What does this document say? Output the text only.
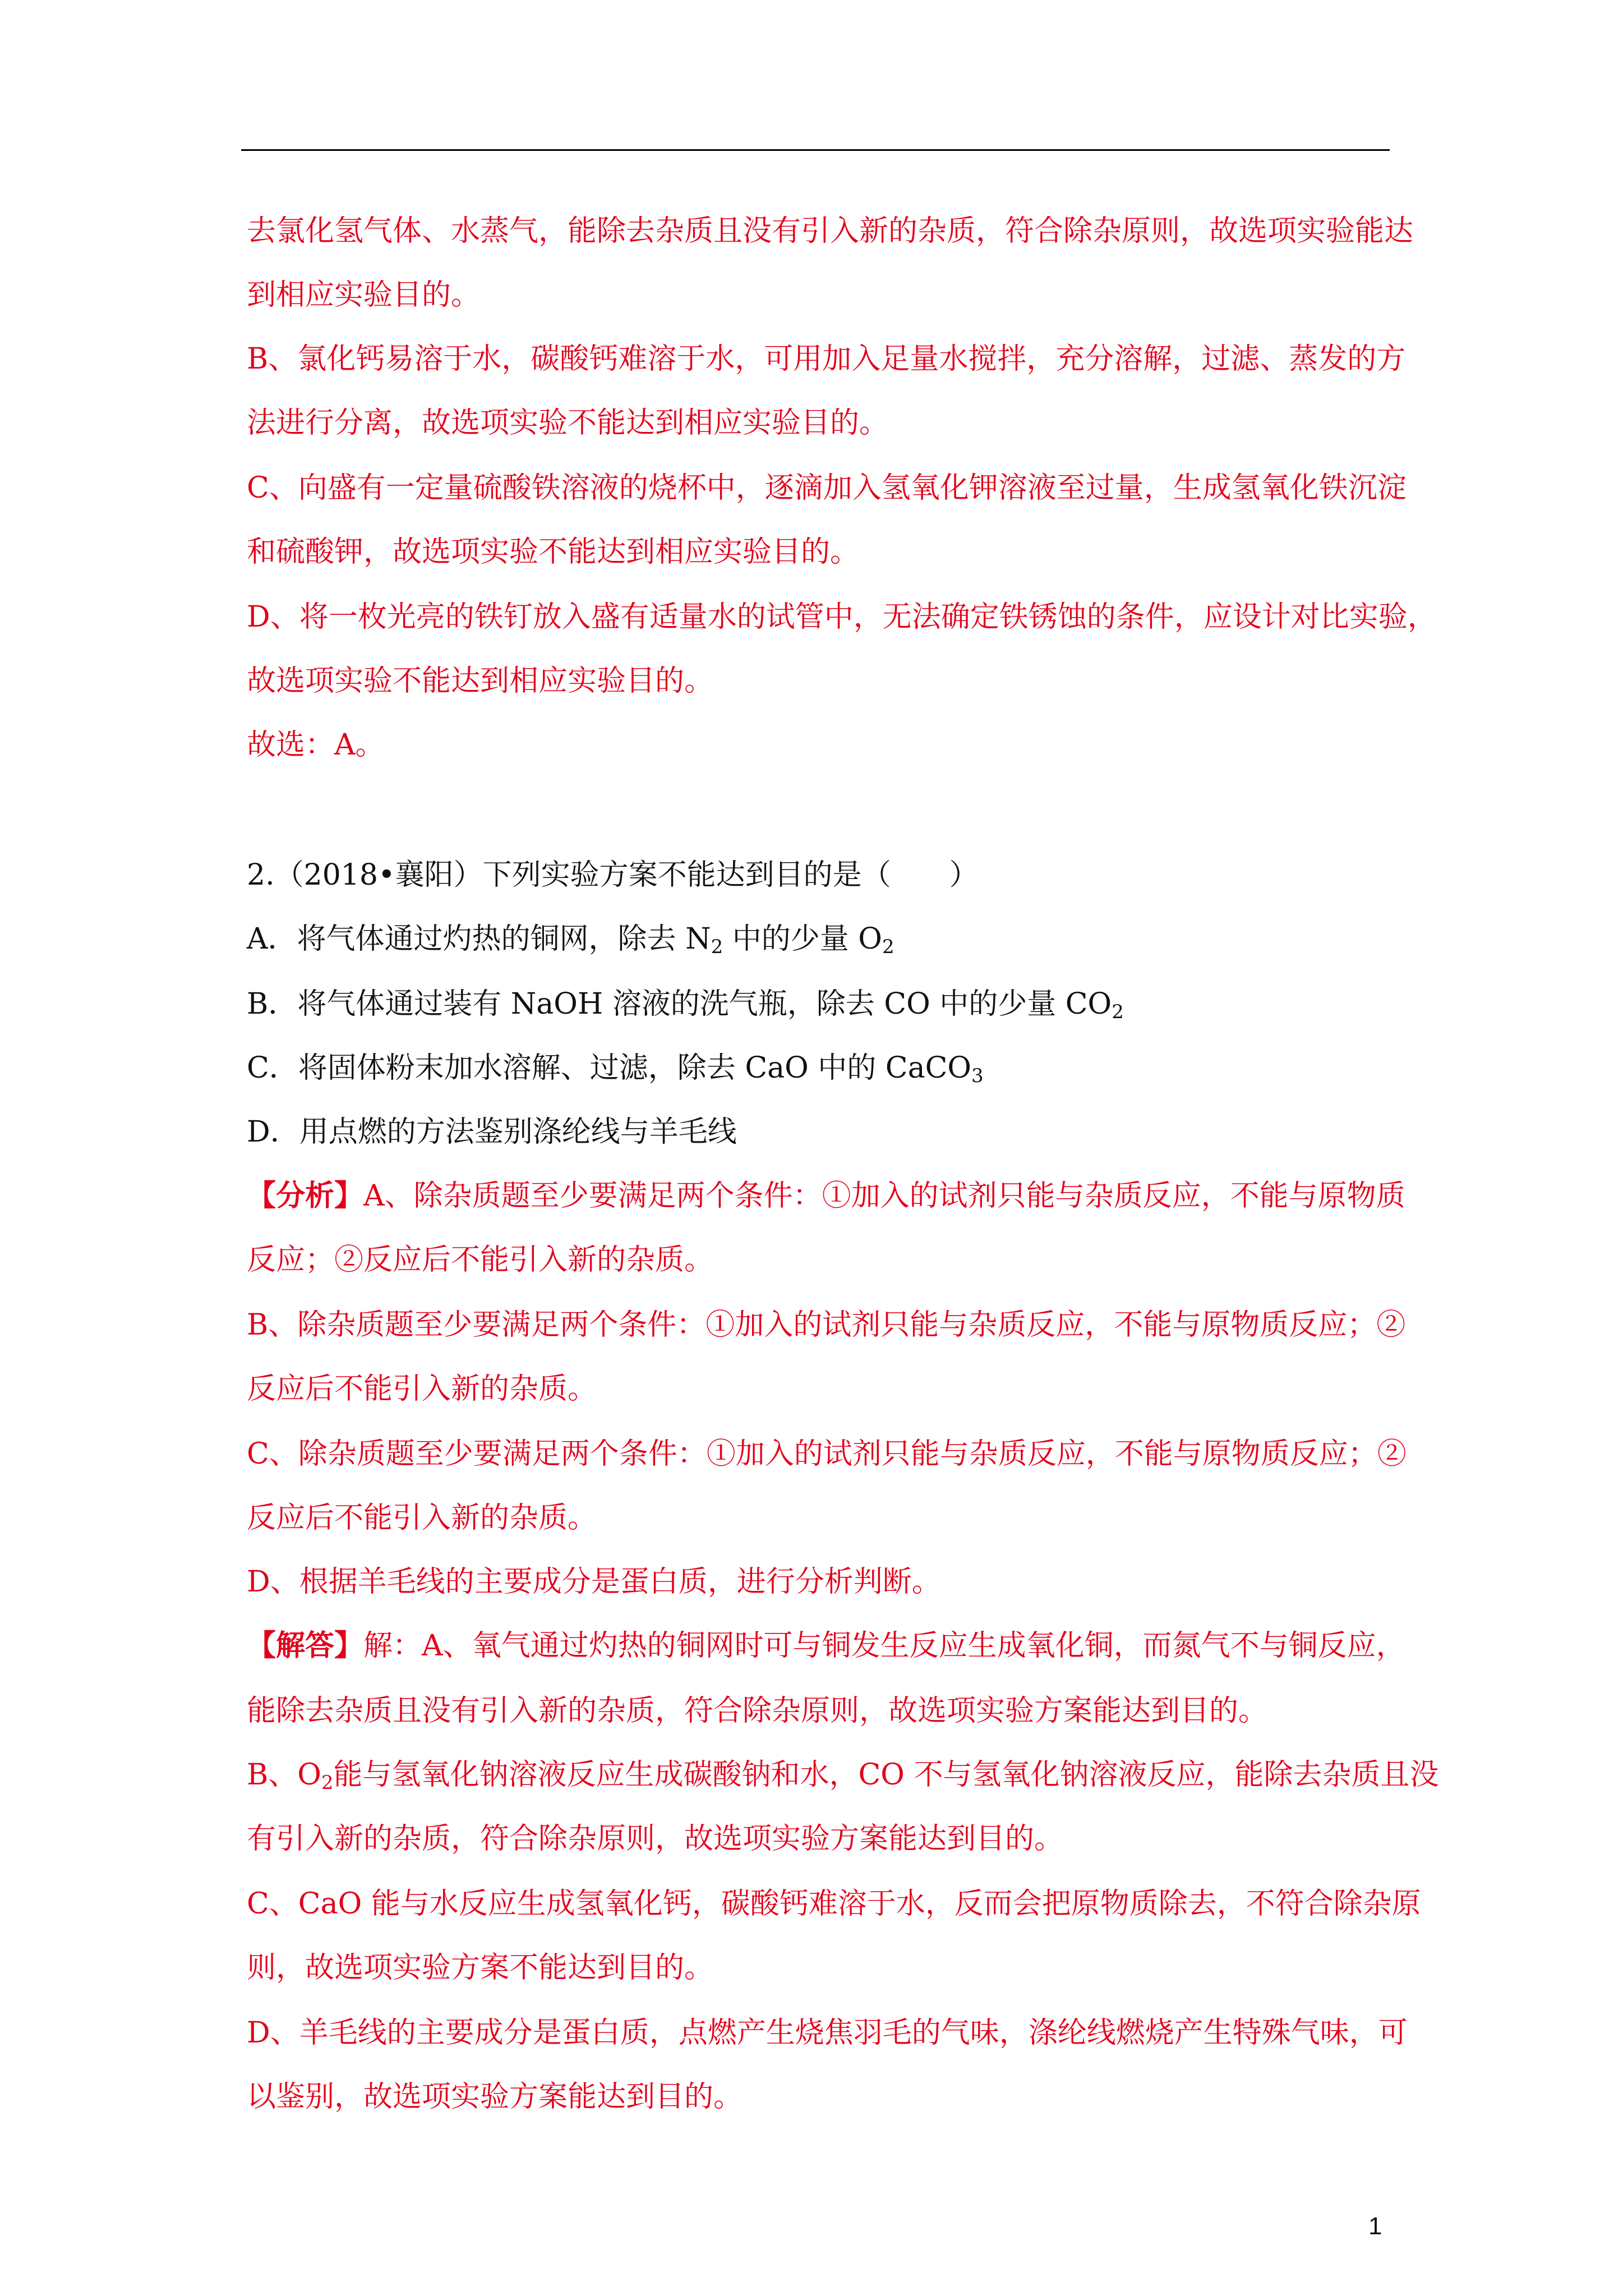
去氯化氢气体、水蒸气，能除去杂质且没有引入新的杂质，符合除杂原则，故选项实验能达
到相应实验目的。
B、氯化钙易溶于水，碳酸钙难溶于水，可用加入足量水搅拌，充分溶解，过滤、蒸发的方
法进行分离，故选项实验不能达到相应实验目的。
C、向盛有一定量硫酸铁溶液的烧杯中，逐滴加入氢氧化钾溶液至过量，生成氢氧化铁沉淀
和硫酸钾，故选项实验不能达到相应实验目的。
D、将一枚光亮的铁钉放入盛有适量水的试管中，无法确定铁锈蚀的条件，应设计对比实验，
故选项实验不能达到相应实验目的。
故选：A。
2.（2018•襄阳）下列实验方案不能达到目的是（　　）
A．将气体通过灼热的铜网，除去 $N_2$ 中的少量 $O_2$
B．将气体通过装有 NaOH 溶液的洗气瓶，除去 CO 中的少量 $CO_2$
C．将固体粉末加水溶解、过滤，除去 CaO 中的 CaCO$_3$
D．用点燃的方法鉴别涤纶线与羊毛线
【分析】A、除杂质题至少要满足两个条件：①加入的试剂只能与杂质反应，不能与原物质
反应；②反应后不能引入新的杂质。
B、除杂质题至少要满足两个条件：①加入的试剂只能与杂质反应，不能与原物质反应；②
反应后不能引入新的杂质。
C、除杂质题至少要满足两个条件：①加入的试剂只能与杂质反应，不能与原物质反应；②
反应后不能引入新的杂质。
D、根据羊毛线的主要成分是蛋白质，进行分析判断。
【解答】解：A、氧气通过灼热的铜网时可与铜发生反应生成氧化铜，而氮气不与铜反应，
能除去杂质且没有引入新的杂质，符合除杂原则，故选项实验方案能达到目的。
B、$O_2$能与氢氧化钠溶液反应生成碳酸钠和水，CO 不与氢氧化钠溶液反应，能除去杂质且没
有引入新的杂质，符合除杂原则，故选项实验方案能达到目的。
C、CaO 能与水反应生成氢氧化钙，碳酸钙难溶于水，反而会把原物质除去，不符合除杂原
则，故选项实验方案不能达到目的。
D、羊毛线的主要成分是蛋白质，点燃产生烧焦羽毛的气味，涤纶线燃烧产生特殊气味，可
以鉴别，故选项实验方案能达到目的。
1
